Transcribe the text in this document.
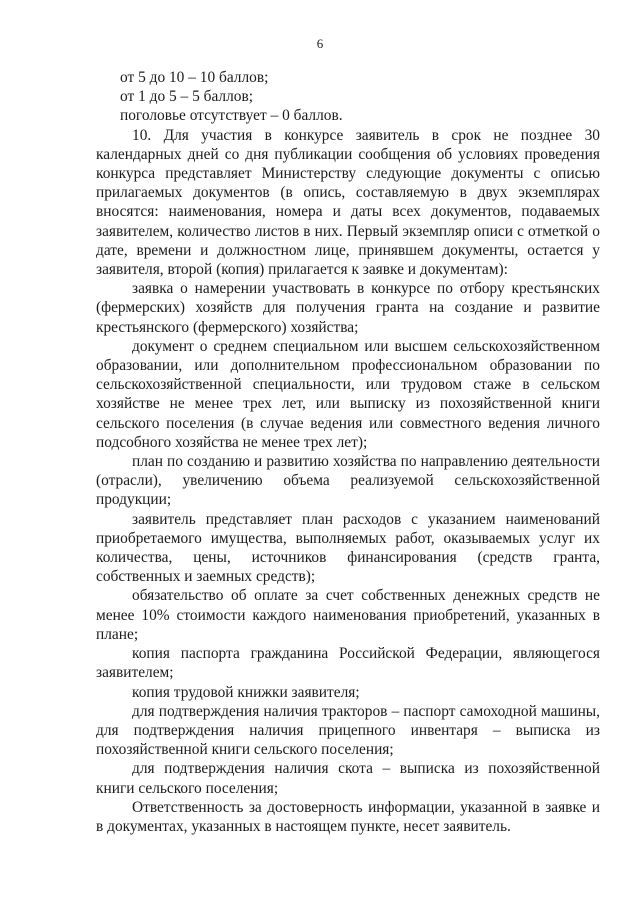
6

от 5 до 10 – 10 баллов;

от 1 до 5 – 5 баллов;

поголовье отсутствует – 0 баллов.

10. Для участия в конкурсе заявитель в срок не позднее 30 календарных дней со дня публикации сообщения об условиях проведения конкурса представляет Министерству следующие документы с описью прилагаемых документов (в опись, составляемую в двух экземплярах вносятся: наименования, номера и даты всех документов, подаваемых заявителем, количество листов в них. Первый экземпляр описи с отметкой о дате, времени и должностном лице, принявшем документы, остается у заявителя, второй (копия) прилагается к заявке и документам):

заявка о намерении участвовать в конкурсе по отбору крестьянских (фермерских) хозяйств для получения гранта на создание и развитие крестьянского (фермерского) хозяйства;

документ о среднем специальном или высшем сельскохозяйственном образовании, или дополнительном профессиональном образовании по сельскохозяйственной специальности, или трудовом стаже в сельском хозяйстве не менее трех лет, или выписку из похозяйственной книги сельского поселения (в случае ведения или совместного ведения личного подсобного хозяйства не менее трех лет);

план по созданию и развитию хозяйства по направлению деятельности (отрасли), увеличению объема реализуемой сельскохозяйственной продукции;

заявитель представляет план расходов с указанием наименований приобретаемого имущества, выполняемых работ, оказываемых услуг их количества, цены, источников финансирования (средств гранта, собственных и заемных средств);

обязательство об оплате за счет собственных денежных средств не менее 10% стоимости каждого наименования приобретений, указанных в плане;

копия паспорта гражданина Российской Федерации, являющегося заявителем;

копия трудовой книжки заявителя;

для подтверждения наличия тракторов – паспорт самоходной машины, для подтверждения наличия прицепного инвентаря – выписка из похозяйственной книги сельского поселения;

для подтверждения наличия скота – выписка из похозяйственной книги сельского поселения;

Ответственность за достоверность информации, указанной в заявке и в документах, указанных в настоящем пункте, несет заявитель.
